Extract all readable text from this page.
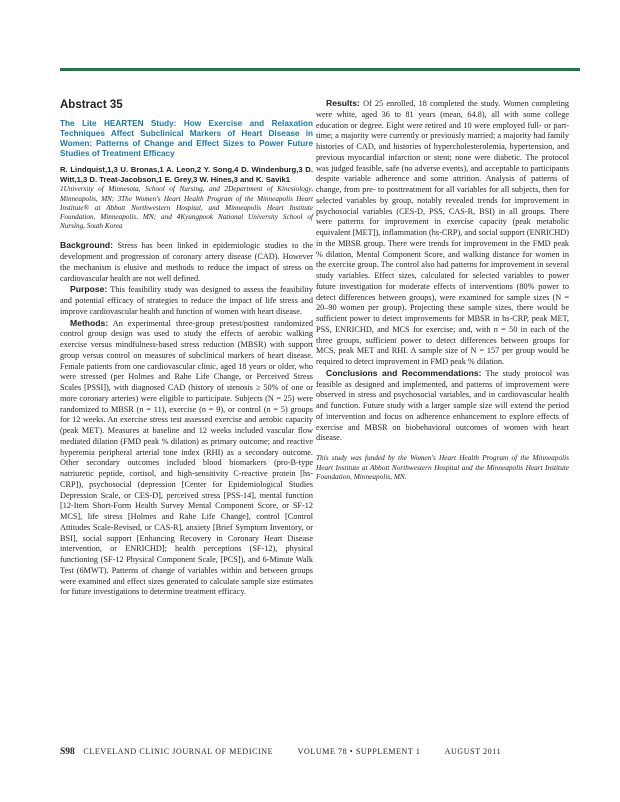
Abstract 35
The Lite HEARTEN Study: How Exercise and Relaxation Techniques Affect Subclinical Markers of Heart Disease in Women: Patterns of Change and Effect Sizes to Power Future Studies of Treatment Efficacy
R. Lindquist,1,3 U. Bronas,1 A. Leon,2 Y. Song,4 D. Windenburg,3 D. Witt,1,3 D. Treat-Jacobson,1 E. Grey,3 W. Hines,3 and K. Savik1
1University of Minnesota, School of Nursing, and 2Department of Kinesiology, Minneapolis, MN; 3The Women's Heart Health Program of the Minneapolis Heart Institute® at Abbott Northwestern Hospital, and Minneapolis Heart Institute Foundation, Minneapolis, MN; and 4Kyungpook National University School of Nursing, South Korea

Background: Stress has been linked in epidemiologic studies to the development and progression of coronary artery disease (CAD). However the mechanism is elusive and methods to reduce the impact of stress on cardiovascular health are not well defined.

Purpose: This feasibility study was designed to assess the feasibility and potential efficacy of strategies to reduce the impact of life stress and improve cardiovascular health and function of women with heart disease.

Methods: An experimental three-group pretest/posttest randomized control group design was used to study the effects of aerobic walking exercise versus mindfulness-based stress reduction (MBSR) with support group versus control on measures of subclinical markers of heart disease. Female patients from one cardiovascular clinic, aged 18 years or older, who were stressed (per Holmes and Rahe Life Change, or Perceived Stress Scales [PSSI]), with diagnosed CAD (history of stenosis ≥ 50% of one or more coronary arteries) were eligible to participate. Subjects (N = 25) were randomized to MBSR (n = 11), exercise (n = 9), or control (n = 5) groups for 12 weeks. An exercise stress test assessed exercise and aerobic capacity (peak MET). Measures at baseline and 12 weeks included vascular flow mediated dilation (FMD peak % dilation) as primary outcome; and reactive hyperemia peripheral arterial tone index (RHI) as a secondary outcome. Other secondary outcomes included blood biomarkers (pro-B-type natriuretic peptide, cortisol, and high-sensitivity C-reactive protein [hs-CRP]), psychosocial (depression [Center for Epidemiological Studies Depression Scale, or CES-D], perceived stress [PSS-14], mental function [12-Item Short-Form Health Survey Mental Component Score, or SF-12 MCS], life stress [Holmes and Rahe Life Change], control [Control Attitudes Scale-Revised, or CAS-R], anxiety [Brief Symptom Inventory, or BSI], social support [Enhancing Recovery in Coronary Heart Disease intervention, or ENRICHD]; health perceptions (SF-12), physical functioning (SF-12 Physical Component Scale, [PCS]), and 6-Minute Walk Test (6MWT). Patterns of change of variables within and between groups were examined and effect sizes generated to calculate sample size estimates for future investigations to determine treatment efficacy.

Results: Of 25 enrolled, 18 completed the study. Women completing were white, aged 36 to 81 years (mean, 64.8), all with some college education or degree. Eight were retired and 10 were employed full- or part-time; a majority were currently or previously married; a majority had family histories of CAD, and histories of hypercholesterolemia, hypertension, and previous myocardial infarction or stent; none were diabetic. The protocol was judged feasible, safe (no adverse events), and acceptable to participants despite variable adherence and some attrition. Analysis of patterns of change, from pre- to posttreatment for all variables for all subjects, then for selected variables by group, notably revealed trends for improvement in psychosocial variables (CES-D, PSS, CAS-R, BSI) in all groups. There were patterns for improvement in exercise capacity (peak metabolic equivalent [MET]), inflammation (hs-CRP), and social support (ENRICHD) in the MBSR group. There were trends for improvement in the FMD peak % dilation, Mental Component Score, and walking distance for women in the exercise group. The control also had patterns for improvement in several study variables. Effect sizes, calculated for selected variables to power future investigation for moderate effects of interventions (80% power to detect differences between groups), were examined for sample sizes (N = 20–90 women per group). Projecting these sample sizes, there would be sufficient power to detect improvements for MBSR in hs-CRP, peak MET, PSS, ENRICHD, and MCS for exercise; and, with n = 50 in each of the three groups, sufficient power to detect differences between groups for MCS, peak MET and RHI. A sample size of N = 157 per group would be required to detect improvement in FMD peak % dilation.

Conclusions and Recommendations: The study protocol was feasible as designed and implemented, and patterns of improvement were observed in stress and psychosocial variables, and in cardiovascular health and function. Future study with a larger sample size will extend the period of intervention and focus on adherence enhancement to explore effects of exercise and MBSR on biobehavioral outcomes of women with heart disease.

This study was funded by the Women's Heart Health Program of the Minneapolis Heart Institute at Abbott Northwestern Hospital and the Minneapolis Heart Institute Foundation, Minneapolis, MN.

S98 CLEVELAND CLINIC JOURNAL OF MEDICINE	VOLUME 78 • SUPPLEMENT 1	AUGUST 2011
